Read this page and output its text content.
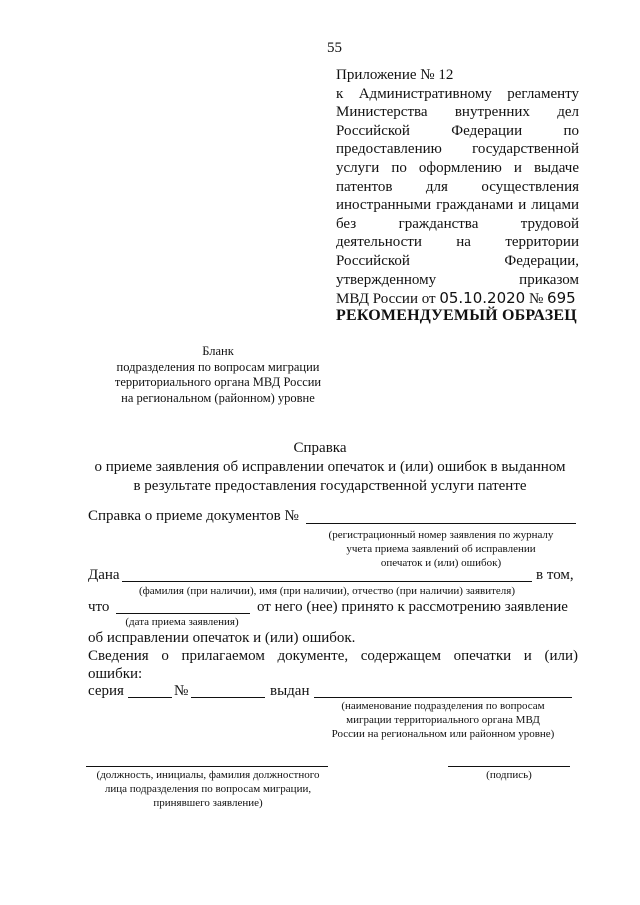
55
Приложение № 12
к Административному регламенту
Министерства внутренних дел
Российской Федерации по
предоставлению государственной
услуги по оформлению и выдаче
патентов для осуществления
иностранными гражданами и лицами
без гражданства трудовой
деятельности на территории
Российской Федерации,
утвержденному приказом
МВД России от 05.10.2020 № 695
РЕКОМЕНДУЕМЫЙ ОБРАЗЕЦ
Бланк
подразделения по вопросам миграции
территориального органа МВД России
на региональном (районном) уровне
Справка
о приеме заявления об исправлении опечаток и (или) ошибок в выданном
в результате предоставления государственной услуги патенте
Справка о приеме документов №
(регистрационный номер заявления по журналу
учета приема заявлений об исправлении
опечаток и (или) ошибок)
Дана	в том,
(фамилия (при наличии), имя (при наличии), отчество (при наличии) заявителя)
что	от него (нее) принято к рассмотрению заявление
(дата приема заявления)
об исправлении опечаток и (или) ошибок.
Сведения о прилагаемом документе, содержащем опечатки и (или)
ошибки:
серия	№	выдан
(наименование подразделения по вопросам
миграции территориального органа МВД
России на региональном или районном уровне)
(должность, инициалы, фамилия должностного
лица подразделения по вопросам миграции,
принявшего заявление)
(подпись)
